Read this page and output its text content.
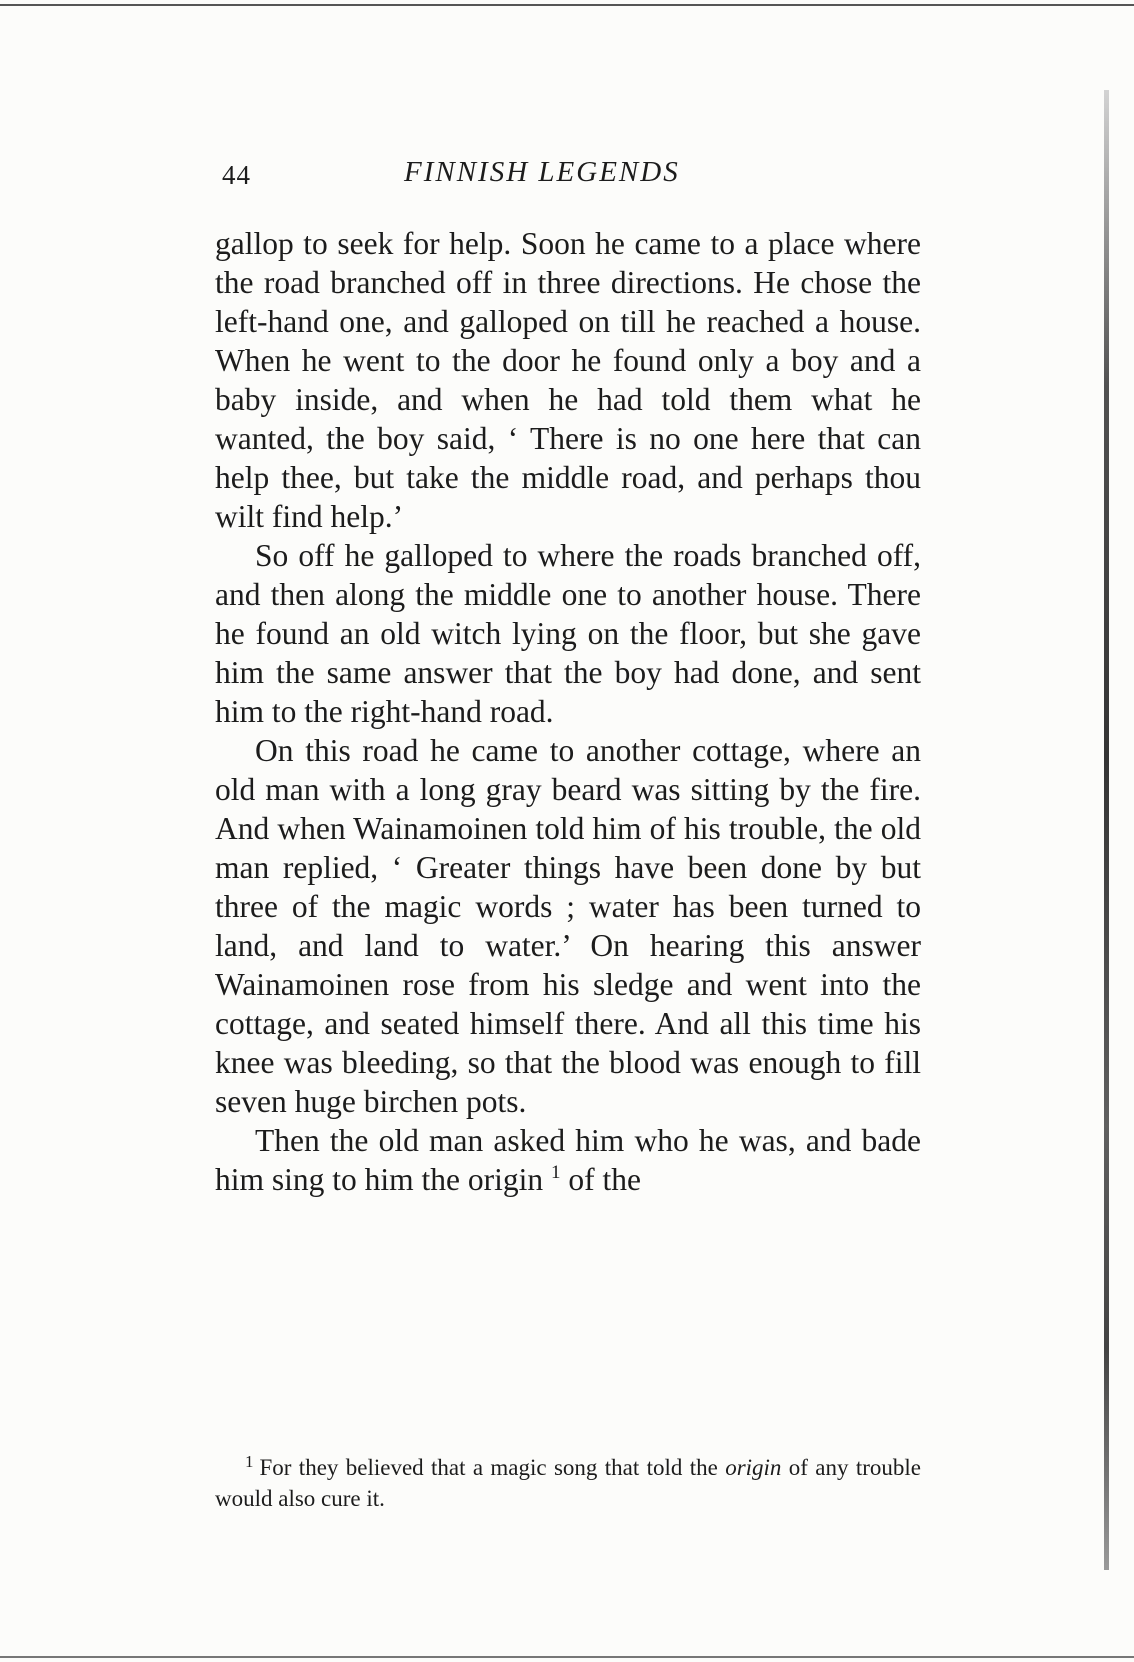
44	FINNISH LEGENDS

gallop to seek for help. Soon he came to a place where the road branched off in three directions. He chose the left-hand one, and galloped on till he reached a house. When he went to the door he found only a boy and a baby inside, and when he had told them what he wanted, the boy said, ‘ There is no one here that can help thee, but take the middle road, and perhaps thou wilt find help.’

So off he galloped to where the roads branched off, and then along the middle one to another house. There he found an old witch lying on the floor, but she gave him the same answer that the boy had done, and sent him to the right-hand road.

On this road he came to another cottage, where an old man with a long gray beard was sitting by the fire. And when Wainamoinen told him of his trouble, the old man replied, ‘ Greater things have been done by but three of the magic words ; water has been turned to land, and land to water.’ On hearing this answer Wainamoinen rose from his sledge and went into the cottage, and seated himself there. And all this time his knee was bleeding, so that the blood was enough to fill seven huge birchen pots.

Then the old man asked him who he was, and bade him sing to him the origin $^1$ of the

$^1$ For they believed that a magic song that told the origin of any trouble would also cure it.
